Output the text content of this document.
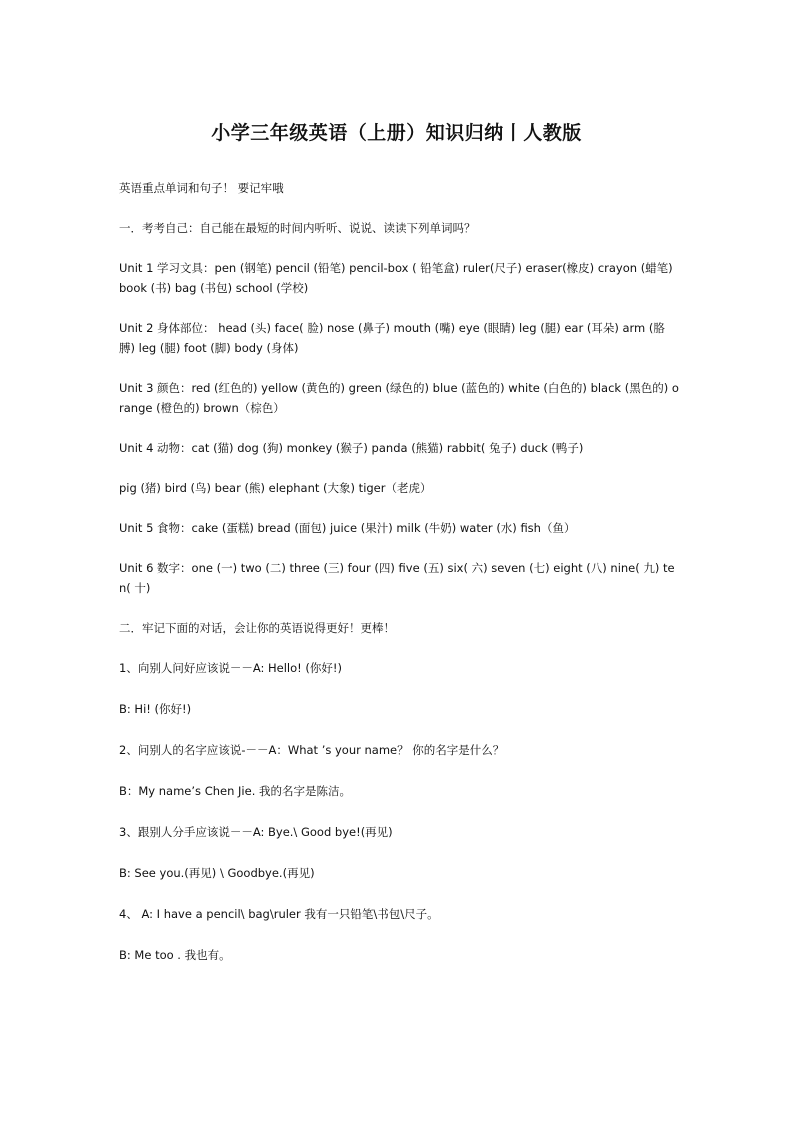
小学三年级英语（上册）知识归纳丨人教版

英语重点单词和句子！ 要记牢哦

一．考考自己：自己能在最短的时间内听听、说说、读读下列单词吗？

Unit 1 学习文具：pen (钢笔) pencil (铅笔) pencil-box ( 铅笔盒) ruler(尺子) eraser(橡皮) crayon (蜡笔) book (书) bag (书包) school (学校)

Unit 2 身体部位： head (头) face( 脸) nose (鼻子) mouth (嘴) eye (眼睛) leg (腿) ear (耳朵) arm (胳膊) leg (腿) foot (脚) body (身体)

Unit 3 颜色：red (红色的) yellow (黄色的) green (绿色的) blue (蓝色的) white (白色的) black (黑色的) orange (橙色的) brown（棕色）

Unit 4 动物：cat (猫) dog (狗) monkey (猴子) panda (熊猫) rabbit( 兔子) duck (鸭子)

pig (猪) bird (鸟) bear (熊) elephant (大象) tiger（老虎）

Unit 5 食物：cake (蛋糕) bread (面包) juice (果汁) milk (牛奶) water (水) fish（鱼）

Unit 6 数字：one (一) two (二) three (三) four (四) five (五) six( 六) seven (七) eight (八) nine( 九) ten( 十)

二．牢记下面的对话，会让你的英语说得更好！更棒！

1、向别人问好应该说－－A: Hello! (你好!)

B: Hi! (你好!)

2、问别人的名字应该说-－－A：What ’s your name？ 你的名字是什么？

B：My name’s Chen Jie. 我的名字是陈洁。

3、跟别人分手应该说－－A: Bye.\ Good bye!(再见)

B: See you.(再见) \ Goodbye.(再见)

4、 A: I have a pencil\ bag\ruler 我有一只铅笔\书包\尺子。

B: Me too . 我也有。
